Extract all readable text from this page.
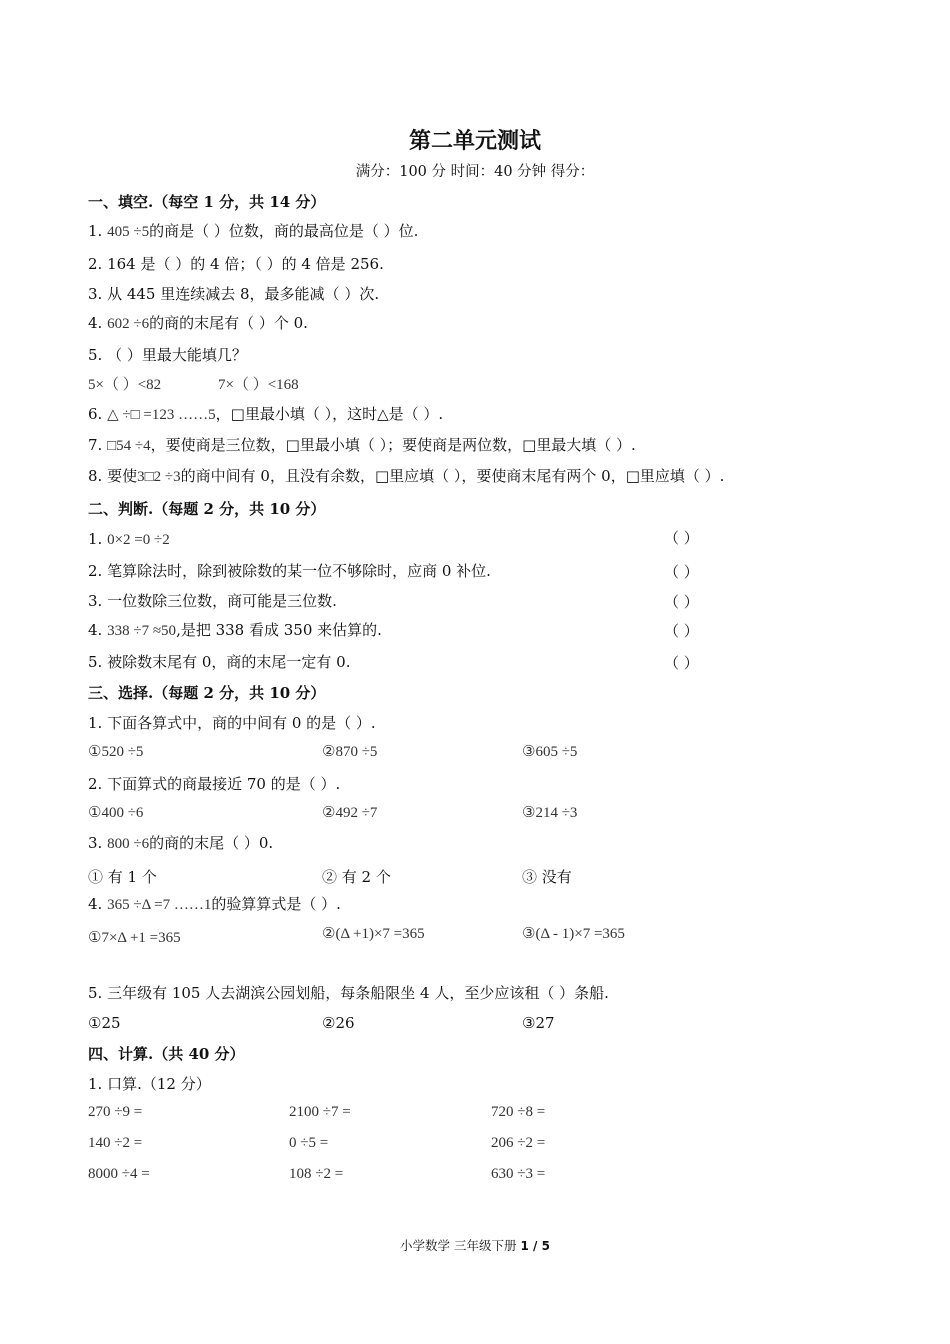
第二单元测试
满分：100 分 时间：40 分钟 得分：
一、填空.（每空 1 分，共 14 分）
1. 405 ÷5的商是（ ）位数，商的最高位是（ ）位.
2. 164 是（ ）的 4 倍；（ ）的 4 倍是 256.
3. 从 445 里连续减去 8，最多能减（ ）次.
4. 602 ÷6的商的末尾有（ ）个 0.
5. （ ）里最大能填几？
5×（ ）<82	7×（ ）<168
6. △ ÷□ =123 ……5，□里最小填（ ），这时△是（ ）.
7. □54 ÷4，要使商是三位数，□里最小填（ ）；要使商是两位数，□里最大填（ ）.
8. 要使3□2 ÷3的商中间有 0，且没有余数，□里应填（ ），要使商末尾有两个 0，□里应填（ ）.
二、判断.（每题 2 分，共 10 分）
1. 0×2 =0 ÷2	（ ）
2. 笔算除法时，除到被除数的某一位不够除时，应商 0 补位.	（ ）
3. 一位数除三位数，商可能是三位数.	（ ）
4. 338 ÷7 ≈50,是把 338 看成 350 来估算的.	（ ）
5. 被除数末尾有 0，商的末尾一定有 0.	（ ）
三、选择.（每题 2 分，共 10 分）
1. 下面各算式中，商的中间有 0 的是（ ）.
①520 ÷5	②870 ÷5	③605 ÷5
2. 下面算式的商最接近 70 的是（ ）.
①400 ÷6	②492 ÷7	③214 ÷3
3. 800 ÷6的商的末尾（ ）0.
① 有 1 个	② 有 2 个	③ 没有
4. 365 ÷Δ =7 ……1的验算算式是（ ）.
①7×Δ +1 =365	②(Δ +1)×7 =365	③(Δ - 1)×7 =365
5. 三年级有 105 人去湖滨公园划船，每条船限坐 4 人，至少应该租（ ）条船.
①25	②26	③27
四、计算.（共 40 分）
1. 口算.（12 分）
270 ÷9 =	2100 ÷7 =	720 ÷8 =
140 ÷2 =	0 ÷5 =	206 ÷2 =
8000 ÷4 =	108 ÷2 =	630 ÷3 =
小学数学 三年级下册 1 / 5
